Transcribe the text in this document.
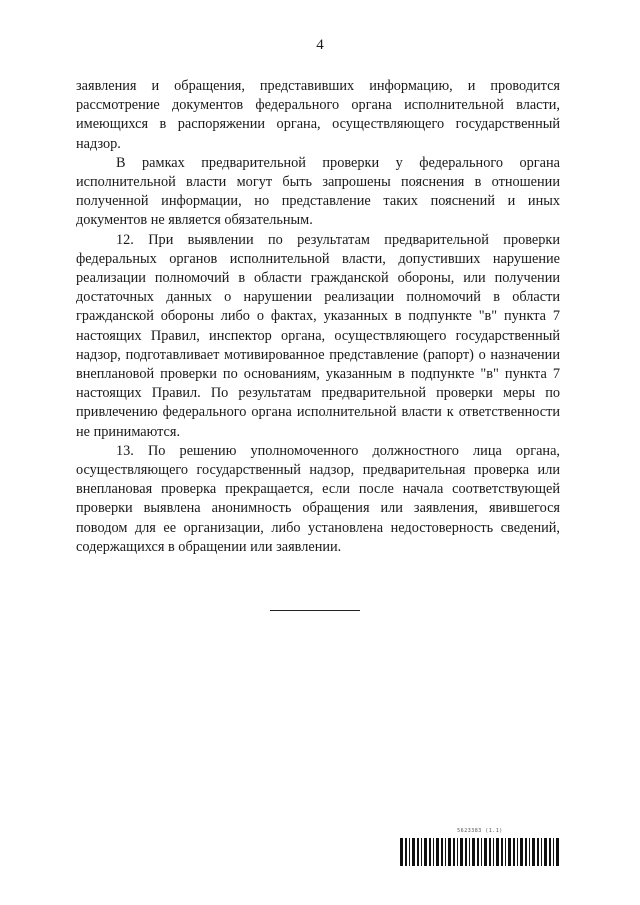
4

заявления и обращения, представивших информацию, и проводится рассмотрение документов федерального органа исполнительной власти, имеющихся в распоряжении органа, осуществляющего государственный надзор.

В рамках предварительной проверки у федерального органа исполнительной власти могут быть запрошены пояснения в отношении полученной информации, но представление таких пояснений и иных документов не является обязательным.

12. При выявлении по результатам предварительной проверки федеральных органов исполнительной власти, допустивших нарушение реализации полномочий в области гражданской обороны, или получении достаточных данных о нарушении реализации полномочий в области гражданской обороны либо о фактах, указанных в подпункте "в" пункта 7 настоящих Правил, инспектор органа, осуществляющего государственный надзор, подготавливает мотивированное представление (рапорт) о назначении внеплановой проверки по основаниям, указанным в подпункте "в" пункта 7 настоящих Правил. По результатам предварительной проверки меры по привлечению федерального органа исполнительной власти к ответственности не принимаются.

13. По решению уполномоченного должностного лица органа, осуществляющего государственный надзор, предварительная проверка или внеплановая проверка прекращается, если после начала соответствующей проверки выявлена анонимность обращения или заявления, явившегося поводом для ее организации, либо установлена недостоверность сведений, содержащихся в обращении или заявлении.

5623383 (1.1)
